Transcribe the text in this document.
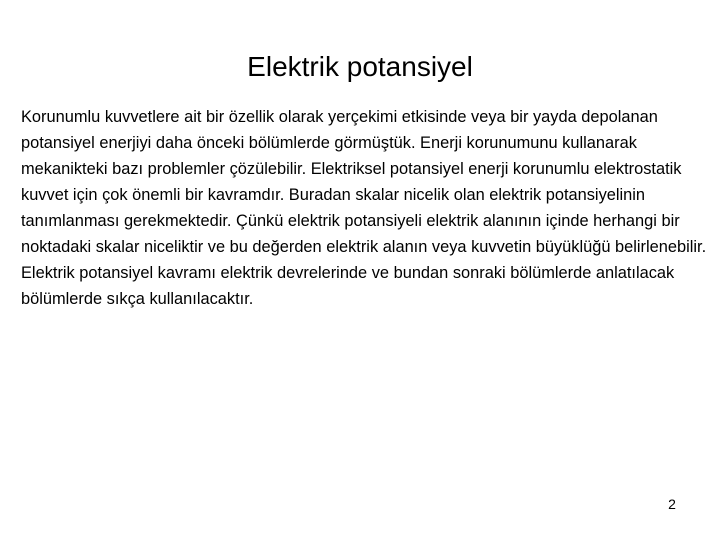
Elektrik potansiyel

Korunumlu kuvvetlere ait bir özellik olarak yerçekimi etkisinde veya bir yayda depolanan potansiyel enerjiyi daha önceki bölümlerde görmüştük. Enerji korunumunu kullanarak mekanikteki bazı problemler çözülebilir. Elektriksel potansiyel enerji korunumlu elektrostatik kuvvet için çok önemli bir kavramdır. Buradan skalar nicelik olan elektrik potansiyelinin tanımlanması gerekmektedir. Çünkü elektrik potansiyeli elektrik alanının içinde herhangi bir noktadaki skalar niceliktir ve bu değerden elektrik alanın veya kuvvetin büyüklüğü belirlenebilir. Elektrik potansiyel kavramı elektrik devrelerinde ve bundan sonraki bölümlerde anlatılacak bölümlerde sıkça kullanılacaktır.

2
